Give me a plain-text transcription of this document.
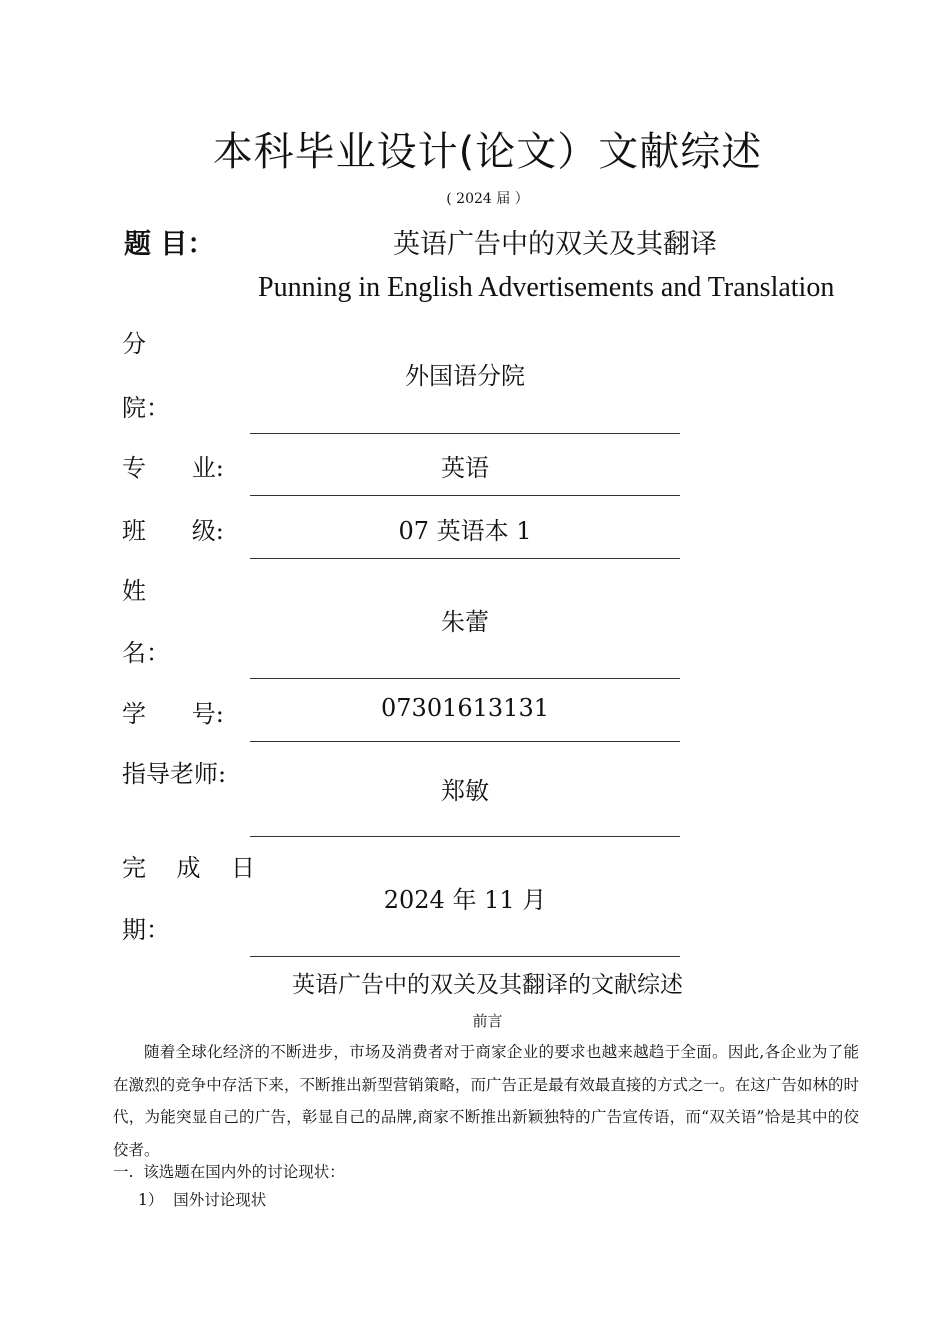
本科毕业设计(论文）文献综述
( 2024 届 ）
题 目：	英语广告中的双关及其翻译
Punning in English Advertisements and Translation
分
院：
外国语分院
专      业:	英语
班      级:	07 英语本 1
姓
名：
朱蕾
学      号:	07301613131
指导老师:
郑敏
完    成    日
期：
2024 年 11 月
英语广告中的双关及其翻译的文献综述
前言

随着全球化经济的不断进步，市场及消费者对于商家企业的要求也越来越趋于全面。因此,各企业为了能在激烈的竞争中存活下来，不断推出新型营销策略，而广告正是最有效最直接的方式之一。在这广告如林的时代，为能突显自己的广告，彰显自己的品牌,商家不断推出新颖独特的广告宣传语，而“双关语”恰是其中的佼佼者。

一.  该选题在国内外的讨论现状：
1）  国外讨论现状
